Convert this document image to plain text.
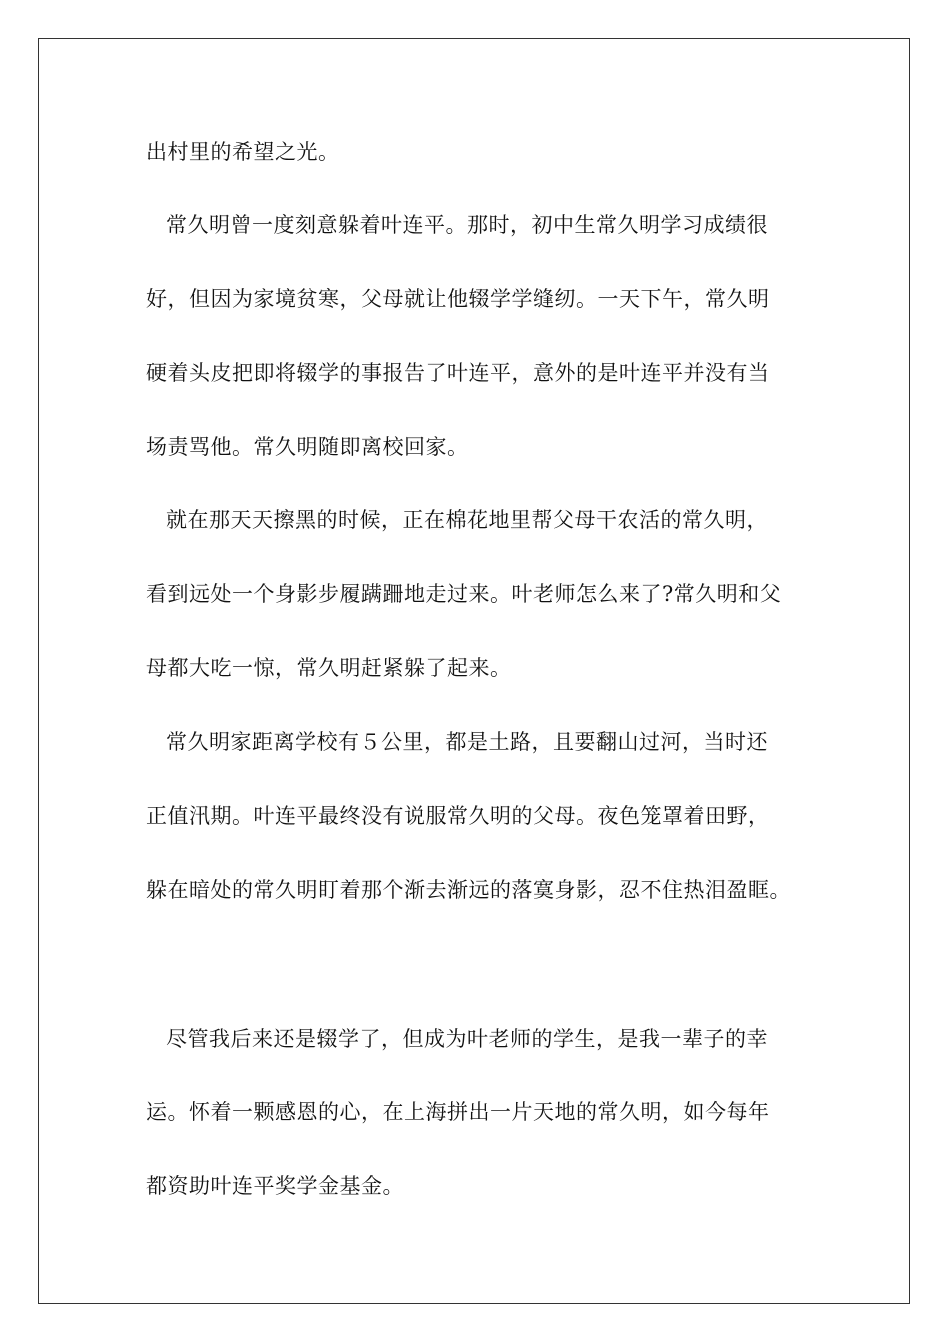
出村里的希望之光。
常久明曾一度刻意躲着叶连平。那时，初中生常久明学习成绩很
好，但因为家境贫寒，父母就让他辍学学缝纫。一天下午，常久明
硬着头皮把即将辍学的事报告了叶连平，意外的是叶连平并没有当
场责骂他。常久明随即离校回家。
就在那天天擦黑的时候，正在棉花地里帮父母干农活的常久明，
看到远处一个身影步履蹒跚地走过来。叶老师怎么来了?常久明和父
母都大吃一惊，常久明赶紧躲了起来。
常久明家距离学校有５公里，都是土路，且要翻山过河，当时还
正值汛期。叶连平最终没有说服常久明的父母。夜色笼罩着田野，
躲在暗处的常久明盯着那个渐去渐远的落寞身影，忍不住热泪盈眶。
尽管我后来还是辍学了，但成为叶老师的学生，是我一辈子的幸
运。怀着一颗感恩的心，在上海拼出一片天地的常久明，如今每年
都资助叶连平奖学金基金。
